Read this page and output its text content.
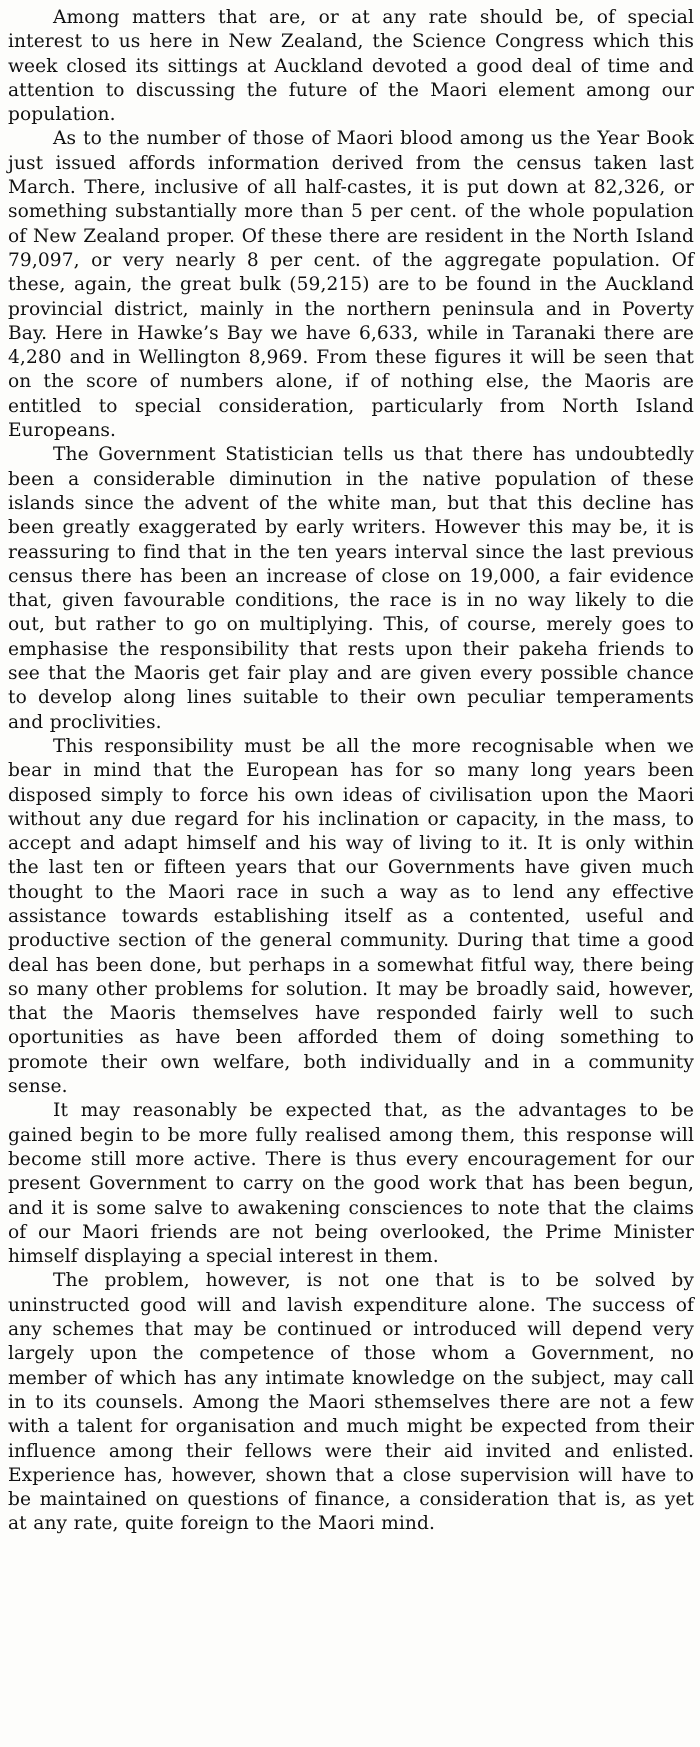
Among matters that are, or at any rate should be, of special interest to us here in New Zealand, the Science Congress which this week closed its sittings at Auckland devoted a good deal of time and attention to discussing the future of the Maori element among our population.

As to the number of those of Maori blood among us the Year Book just issued affords information derived from the census taken last March. There, inclusive of all half-castes, it is put down at 82,326, or something substantially more than 5 per cent. of the whole population of New Zealand proper. Of these there are resident in the North Island 79,097, or very nearly 8 per cent. of the aggregate population. Of these, again, the great bulk (59,215) are to be found in the Auckland provincial district, mainly in the northern peninsula and in Poverty Bay. Here in Hawke’s Bay we have 6,633, while in Taranaki there are 4,280 and in Wellington 8,969. From these figures it will be seen that on the score of numbers alone, if of nothing else, the Maoris are entitled to special consideration, particularly from North Island Europeans.

The Government Statistician tells us that there has undoubtedly been a considerable diminution in the native population of these islands since the advent of the white man, but that this decline has been greatly exaggerated by early writers. However this may be, it is reassuring to find that in the ten years interval since the last previous census there has been an increase of close on 19,000, a fair evidence that, given favourable conditions, the race is in no way likely to die out, but rather to go on multiplying. This, of course, merely goes to emphasise the responsibility that rests upon their pakeha friends to see that the Maoris get fair play and are given every possible chance to develop along lines suitable to their own peculiar temperaments and proclivities.

This responsibility must be all the more recognisable when we bear in mind that the European has for so many long years been disposed simply to force his own ideas of civilisation upon the Maori without any due regard for his inclination or capacity, in the mass, to accept and adapt himself and his way of living to it. It is only within the last ten or fifteen years that our Governments have given much thought to the Maori race in such a way as to lend any effective assistance towards establishing itself as a contented, useful and productive section of the general community. During that time a good deal has been done, but perhaps in a somewhat fitful way, there being so many other problems for solution. It may be broadly said, however, that the Maoris themselves have responded fairly well to such oportunities as have been afforded them of doing something to promote their own welfare, both individually and in a community sense.

It may reasonably be expected that, as the advantages to be gained begin to be more fully realised among them, this response will become still more active. There is thus every encouragement for our present Government to carry on the good work that has been begun, and it is some salve to awakening consciences to note that the claims of our Maori friends are not being overlooked, the Prime Minister himself displaying a special interest in them.

The problem, however, is not one that is to be solved by uninstructed good will and lavish expenditure alone. The success of any schemes that may be continued or introduced will depend very largely upon the competence of those whom a Government, no member of which has any intimate knowledge on the subject, may call in to its counsels. Among the Maori sthemselves there are not a few with a talent for organisation and much might be expected from their influence among their fellows were their aid invited and enlisted. Experience has, however, shown that a close supervision will have to be maintained on questions of finance, a consideration that is, as yet at any rate, quite foreign to the Maori mind.
